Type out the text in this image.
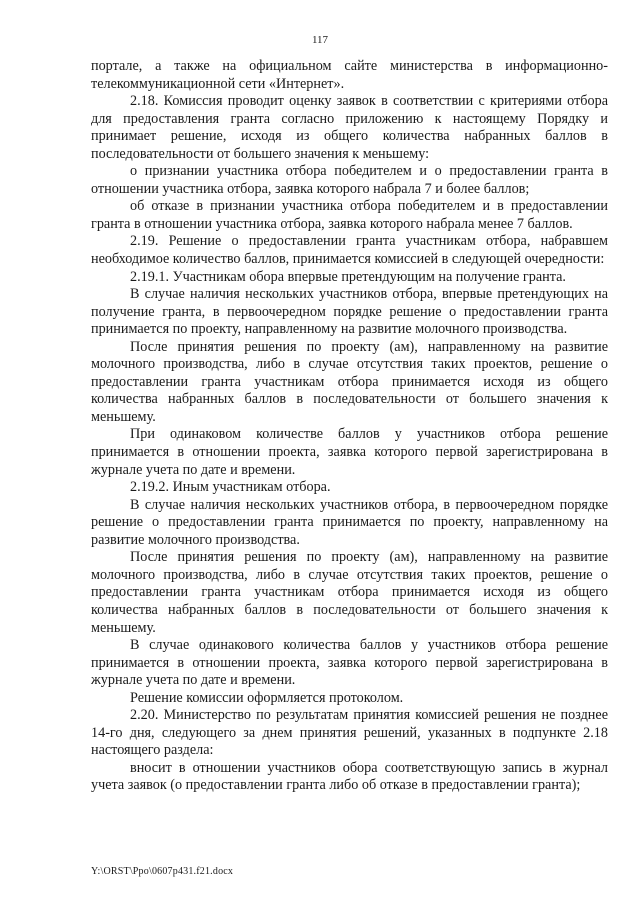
117

портале, а также на официальном сайте министерства в информационно-телекоммуникационной сети «Интернет».

2.18. Комиссия проводит оценку заявок в соответствии с критериями отбора для предоставления гранта согласно приложению к настоящему Порядку и принимает решение, исходя из общего количества набранных баллов в последовательности от большего значения к меньшему:

о признании участника отбора победителем и о предоставлении гранта в отношении участника отбора, заявка которого набрала 7 и более баллов;

об отказе в признании участника отбора победителем и в предоставлении гранта в отношении участника отбора, заявка которого набрала менее 7 баллов.

2.19. Решение о предоставлении гранта участникам отбора, набравшем необходимое количество баллов, принимается комиссией в следующей очередности:

2.19.1. Участникам обора впервые претендующим на получение гранта.

В случае наличия нескольких участников отбора, впервые претендующих на получение гранта, в первоочередном порядке решение о предоставлении гранта принимается по проекту, направленному на развитие молочного производства.

После принятия решения по проекту (ам), направленному на развитие молочного производства, либо в случае отсутствия таких проектов, решение о предоставлении гранта участникам отбора принимается исходя из общего количества набранных баллов в последовательности от большего значения к меньшему.

При одинаковом количестве баллов у участников отбора решение принимается в отношении проекта, заявка которого первой зарегистрирована в журнале учета по дате и времени.

2.19.2. Иным участникам отбора.

В случае наличия нескольких участников отбора, в первоочередном порядке решение о предоставлении гранта принимается по проекту, направленному на развитие молочного производства.

После принятия решения по проекту (ам), направленному на развитие молочного производства, либо в случае отсутствия таких проектов, решение о предоставлении гранта участникам отбора принимается исходя из общего количества набранных баллов в последовательности от большего значения к меньшему.

В случае одинакового количества баллов у участников отбора решение принимается в отношении проекта, заявка которого первой зарегистрирована в журнале учета по дате и времени.

Решение комиссии оформляется протоколом.

2.20. Министерство по результатам принятия комиссией решения не позднее 14-го дня, следующего за днем принятия решений, указанных в подпункте 2.18 настоящего раздела:

вносит в отношении участников обора соответствующую запись в журнал учета заявок (о предоставлении гранта либо об отказе в предоставлении гранта);

Y:\ORST\Ppo\0607p431.f21.docx
